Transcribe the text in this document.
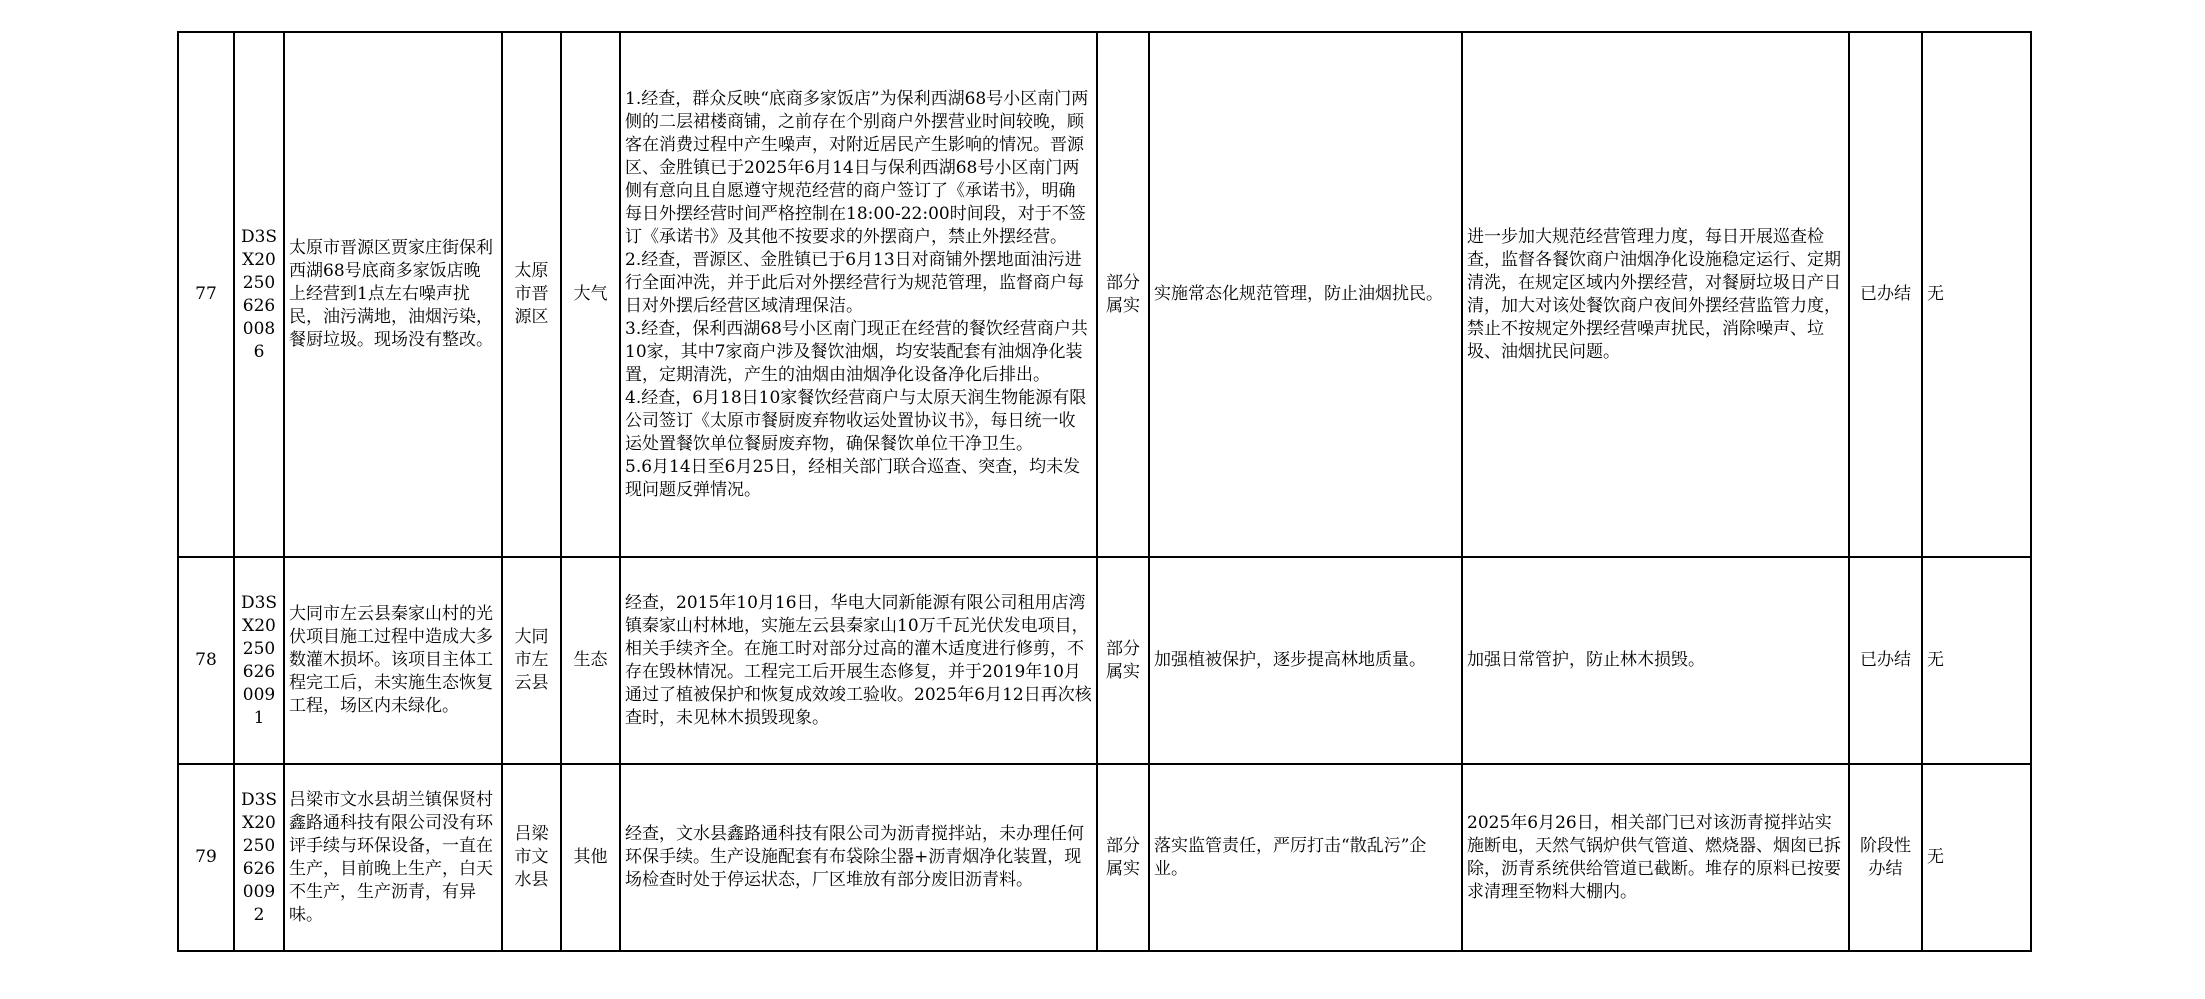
77	D3SX202506260086	太原市晋源区贾家庄街保利西湖68号底商多家饭店晚上经营到1点左右噪声扰民，油污满地，油烟污染，餐厨垃圾。现场没有整改。	太原市晋源区	大气	1.经查，群众反映“底商多家饭店”为保利西湖68号小区南门两侧的二层裙楼商铺，之前存在个别商户外摆营业时间较晚，顾客在消费过程中产生噪声，对附近居民产生影响的情况。晋源区、金胜镇已于2025年6月14日与保利西湖68号小区南门两侧有意向且自愿遵守规范经营的商户签订了《承诺书》，明确每日外摆经营时间严格控制在18:00-22:00时间段，对于不签订《承诺书》及其他不按要求的外摆商户，禁止外摆经营。
2.经查，晋源区、金胜镇已于6月13日对商铺外摆地面油污进行全面冲洗，并于此后对外摆经营行为规范管理，监督商户每日对外摆后经营区域清理保洁。
3.经查，保利西湖68号小区南门现正在经营的餐饮经营商户共10家，其中7家商户涉及餐饮油烟，均安装配套有油烟净化装置，定期清洗，产生的油烟由油烟净化设备净化后排出。
4.经查，6月18日10家餐饮经营商户与太原天润生物能源有限公司签订《太原市餐厨废弃物收运处置协议书》，每日统一收运处置餐饮单位餐厨废弃物，确保餐饮单位干净卫生。
5.6月14日至6月25日，经相关部门联合巡查、突查，均未发现问题反弹情况。	部分属实	实施常态化规范管理，防止油烟扰民。	进一步加大规范经营管理力度，每日开展巡查检查，监督各餐饮商户油烟净化设施稳定运行、定期清洗，在规定区域内外摆经营，对餐厨垃圾日产日清，加大对该处餐饮商户夜间外摆经营监管力度，禁止不按规定外摆经营噪声扰民，消除噪声、垃圾、油烟扰民问题。	已办结	无
78	D3SX202506260091	大同市左云县秦家山村的光伏项目施工过程中造成大多数灌木损坏。该项目主体工程完工后，未实施生态恢复工程，场区内未绿化。	大同市左云县	生态	经查，2015年10月16日，华电大同新能源有限公司租用店湾镇秦家山村林地，实施左云县秦家山10万千瓦光伏发电项目，相关手续齐全。在施工时对部分过高的灌木适度进行修剪，不存在毁林情况。工程完工后开展生态修复，并于2019年10月通过了植被保护和恢复成效竣工验收。2025年6月12日再次核查时，未见林木损毁现象。	部分属实	加强植被保护，逐步提高林地质量。	加强日常管护，防止林木损毁。	已办结	无
79	D3SX202506260092	吕梁市文水县胡兰镇保贤村鑫路通科技有限公司没有环评手续与环保设备，一直在生产，目前晚上生产，白天不生产，生产沥青，有异味。	吕梁市文水县	其他	经查，文水县鑫路通科技有限公司为沥青搅拌站，未办理任何环保手续。生产设施配套有布袋除尘器+沥青烟净化装置，现场检查时处于停运状态，厂区堆放有部分废旧沥青料。	部分属实	落实监管责任，严厉打击“散乱污”企业。	2025年6月26日，相关部门已对该沥青搅拌站实施断电，天然气锅炉供气管道、燃烧器、烟囱已拆除，沥青系统供给管道已截断。堆存的原料已按要求清理至物料大棚内。	阶段性办结	无
